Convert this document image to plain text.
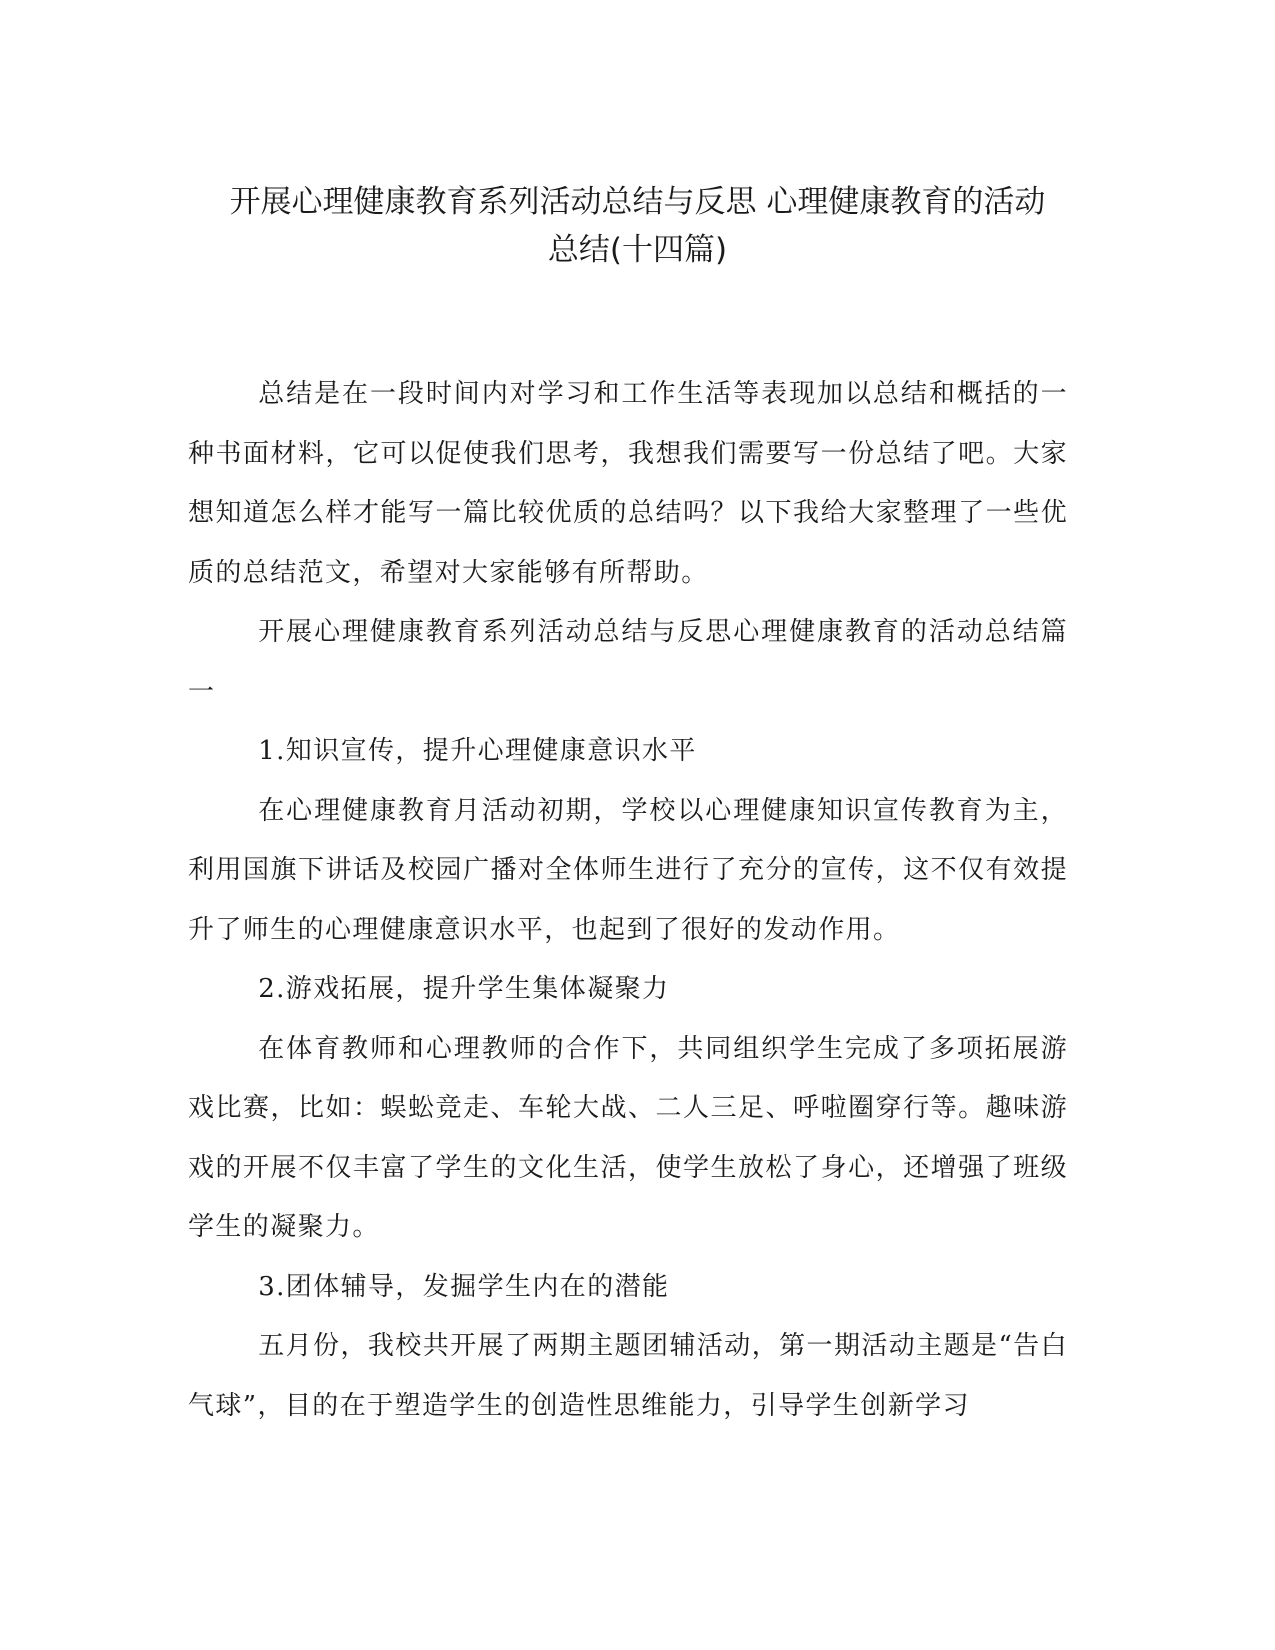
开展心理健康教育系列活动总结与反思 心理健康教育的活动
总结(十四篇)

总结是在一段时间内对学习和工作生活等表现加以总结和概括的一种书面材料，它可以促使我们思考，我想我们需要写一份总结了吧。大家想知道怎么样才能写一篇比较优质的总结吗？以下我给大家整理了一些优质的总结范文，希望对大家能够有所帮助。

开展心理健康教育系列活动总结与反思心理健康教育的活动总结篇一

1.知识宣传，提升心理健康意识水平

在心理健康教育月活动初期，学校以心理健康知识宣传教育为主，利用国旗下讲话及校园广播对全体师生进行了充分的宣传，这不仅有效提升了师生的心理健康意识水平，也起到了很好的发动作用。

2.游戏拓展，提升学生集体凝聚力

在体育教师和心理教师的合作下，共同组织学生完成了多项拓展游戏比赛，比如：蜈蚣竞走、车轮大战、二人三足、呼啦圈穿行等。趣味游戏的开展不仅丰富了学生的文化生活，使学生放松了身心，还增强了班级学生的凝聚力。

3.团体辅导，发掘学生内在的潜能

五月份，我校共开展了两期主题团辅活动，第一期活动主题是“告白气球”，目的在于塑造学生的创造性思维能力，引导学生创新学习
